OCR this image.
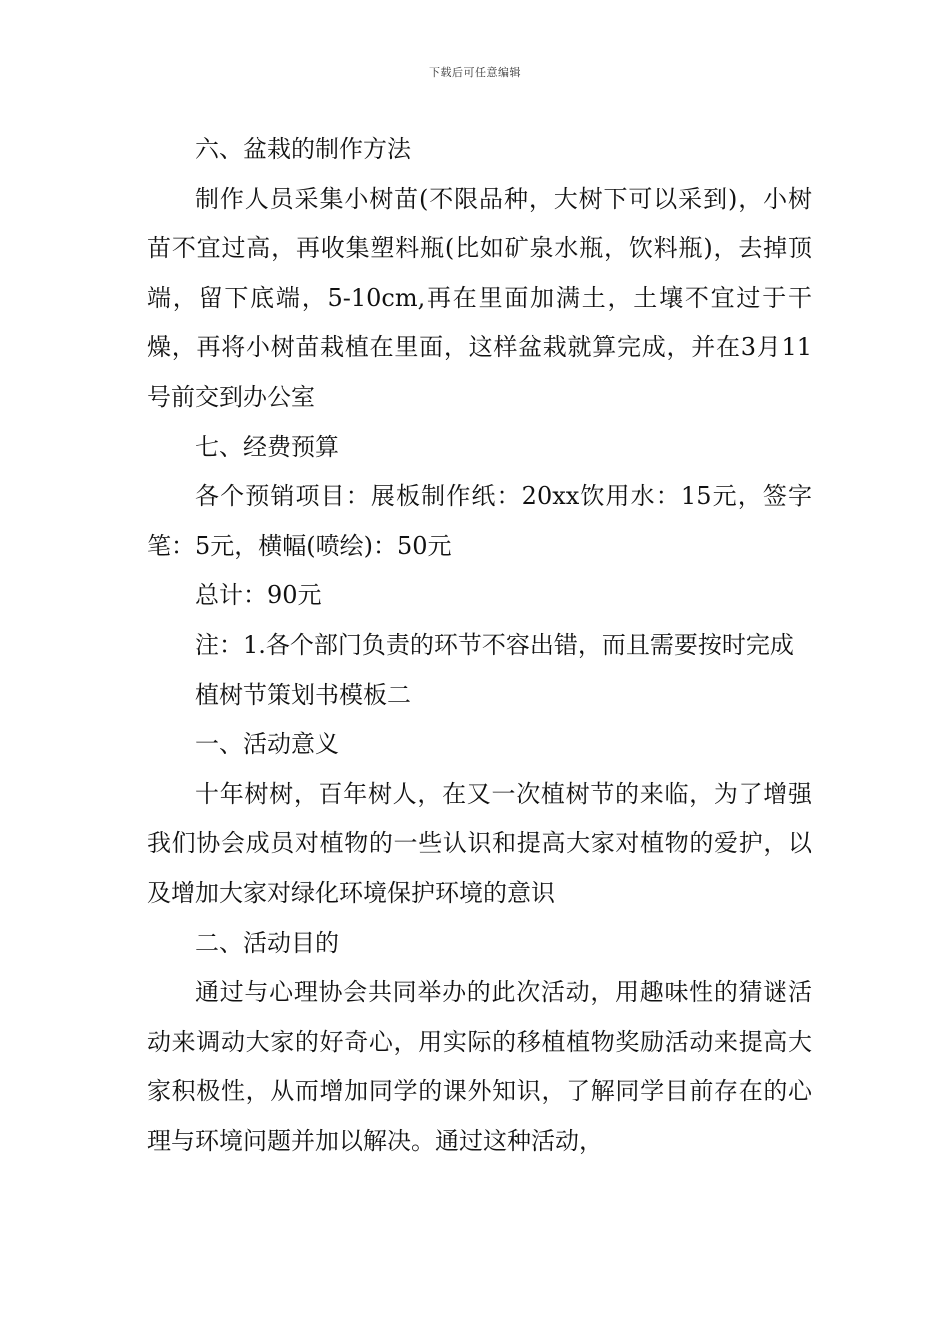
下载后可任意编辑

六、盆栽的制作方法

制作人员采集小树苗(不限品种，大树下可以采到)，小树苗不宜过高，再收集塑料瓶(比如矿泉水瓶，饮料瓶)，去掉顶端，留下底端，5-10cm,再在里面加满土，土壤不宜过于干燥，再将小树苗栽植在里面，这样盆栽就算完成，并在3月11号前交到办公室

七、经费预算

各个预销项目：展板制作纸：20xx饮用水：15元，签字笔：5元，横幅(喷绘)：50元

总计：90元

注：1.各个部门负责的环节不容出错，而且需要按时完成

植树节策划书模板二

一、活动意义

十年树树，百年树人，在又一次植树节的来临，为了增强我们协会成员对植物的一些认识和提高大家对植物的爱护，以及增加大家对绿化环境保护环境的意识

二、活动目的

通过与心理协会共同举办的此次活动，用趣味性的猜谜活动来调动大家的好奇心，用实际的移植植物奖励活动来提高大家积极性，从而增加同学的课外知识，了解同学目前存在的心理与环境问题并加以解决。通过这种活动，
